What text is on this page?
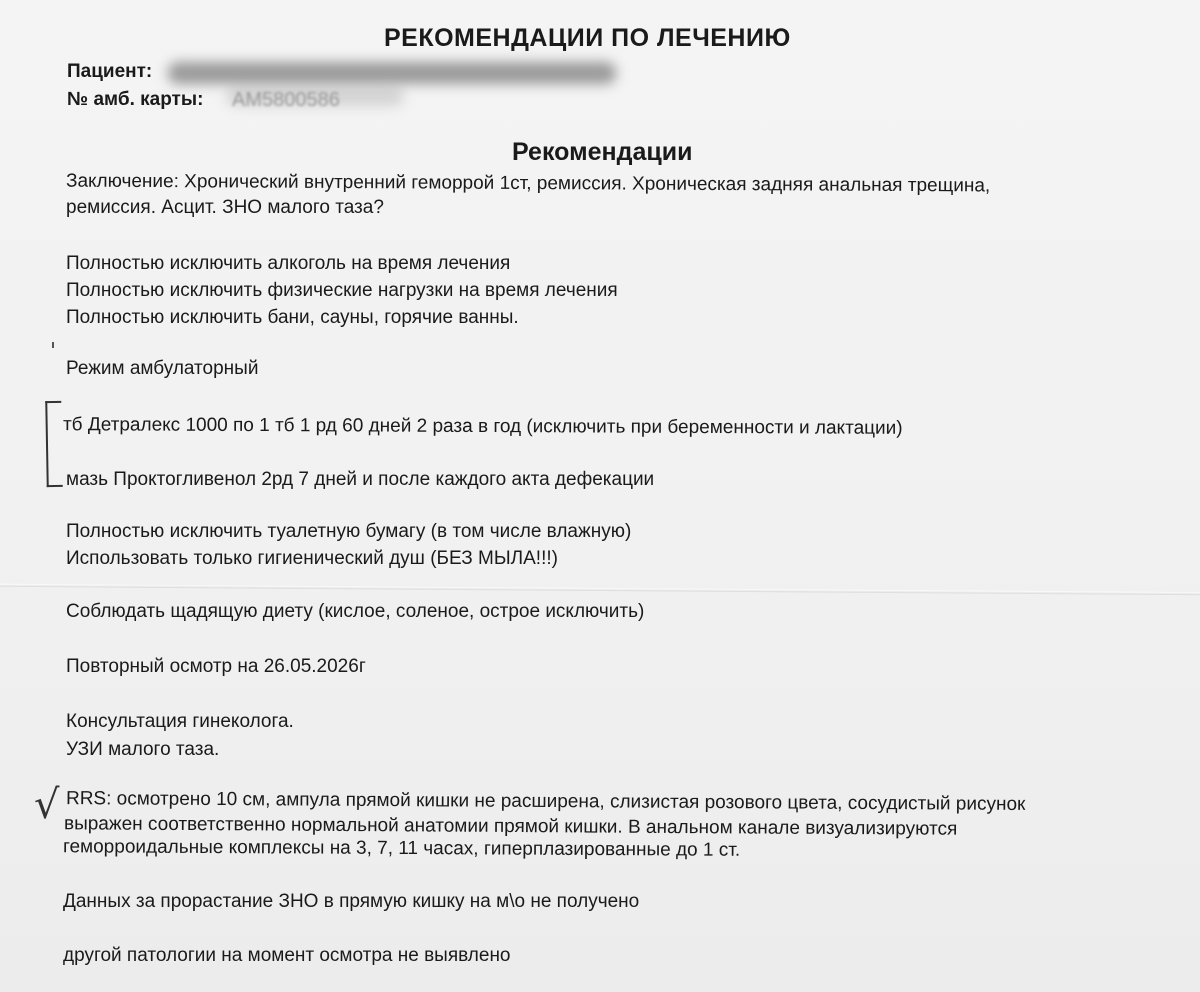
РЕКОМЕНДАЦИИ ПО ЛЕЧЕНИЮ
Пациент:
№ амб. карты: АМ5800586
Рекомендации
Заключение: Хронический внутренний геморрой 1ст, ремиссия. Хроническая задняя анальная трещина,
ремиссия. Асцит. ЗНО малого таза?
Полностью исключить алкоголь на время лечения
Полностью исключить физические нагрузки на время лечения
Полностью исключить бани, сауны, горячие ванны.
Режим амбулаторный
тб Детралекс 1000 по 1 тб 1 рд 60 дней 2 раза в год (исключить при беременности и лактации)
мазь Проктогливенол 2рд 7 дней и после каждого акта дефекации
Полностью исключить туалетную бумагу (в том числе влажную)
Использовать только гигиенический душ (БЕЗ МЫЛА!!!)
Соблюдать щадящую диету (кислое, соленое, острое исключить)
Повторный осмотр на 26.05.2026г
Консультация гинеколога.
УЗИ малого таза.
√ RRS: осмотрено 10 см, ампула прямой кишки не расширена, слизистая розового цвета, сосудистый рисунок
выражен соответственно нормальной анатомии прямой кишки. В анальном канале визуализируются
геморроидальные комплексы на 3, 7, 11 часах, гиперплазированные до 1 ст.
Данных за прорастание ЗНО в прямую кишку на м\о не получено
другой патологии на момент осмотра не выявлено
